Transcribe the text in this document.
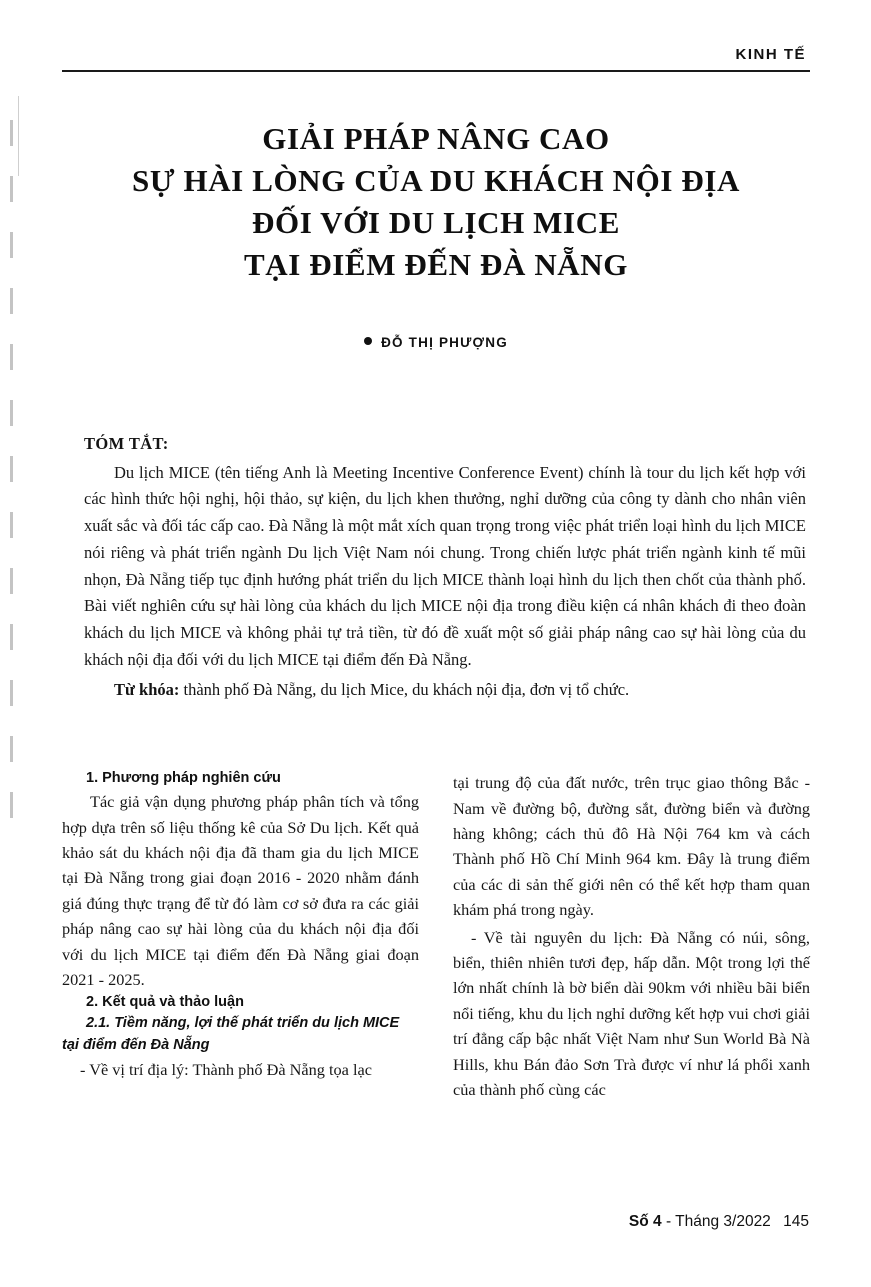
KINH TẾ
GIẢI PHÁP NÂNG CAO
SỰ HÀI LÒNG CỦA DU KHÁCH NỘI ĐỊA
ĐỐI VỚI DU LỊCH MICE
TẠI ĐIỂM ĐẾN ĐÀ NẴNG
ĐỖ THỊ PHƯỢNG
TÓM TẮT:
Du lịch MICE (tên tiếng Anh là Meeting Incentive Conference Event) chính là tour du lịch kết hợp với các hình thức hội nghị, hội thảo, sự kiện, du lịch khen thưởng, nghỉ dưỡng của công ty dành cho nhân viên xuất sắc và đối tác cấp cao. Đà Nẵng là một mắt xích quan trọng trong việc phát triển loại hình du lịch MICE nói riêng và phát triển ngành Du lịch Việt Nam nói chung. Trong chiến lược phát triển ngành kinh tế mũi nhọn, Đà Nẵng tiếp tục định hướng phát triển du lịch MICE thành loại hình du lịch then chốt của thành phố. Bài viết nghiên cứu sự hài lòng của khách du lịch MICE nội địa trong điều kiện cá nhân khách đi theo đoàn khách du lịch MICE và không phải tự trả tiền, từ đó đề xuất một số giải pháp nâng cao sự hài lòng của du khách nội địa đối với du lịch MICE tại điểm đến Đà Nẵng.
Từ khóa: thành phố Đà Nẵng, du lịch Mice, du khách nội địa, đơn vị tổ chức.
1. Phương pháp nghiên cứu

Tác giả vận dụng phương pháp phân tích và tổng hợp dựa trên số liệu thống kê của Sở Du lịch. Kết quả khảo sát du khách nội địa đã tham gia du lịch MICE tại Đà Nẵng trong giai đoạn 2016 - 2020 nhằm đánh giá đúng thực trạng để từ đó làm cơ sở đưa ra các giải pháp nâng cao sự hài lòng của du khách nội địa đối với du lịch MICE tại điểm đến Đà Nẵng giai đoạn 2021 - 2025.

2. Kết quả và thảo luận
2.1. Tiềm năng, lợi thế phát triển du lịch MICE tại điểm đến Đà Nẵng

- Về vị trí địa lý: Thành phố Đà Nẵng tọa lạc

tại trung độ của đất nước, trên trục giao thông Bắc - Nam về đường bộ, đường sắt, đường biển và đường hàng không; cách thủ đô Hà Nội 764 km và cách Thành phố Hồ Chí Minh 964 km. Đây là trung điểm của các di sản thế giới nên có thể kết hợp tham quan khám phá trong ngày.

- Về tài nguyên du lịch: Đà Nẵng có núi, sông, biển, thiên nhiên tươi đẹp, hấp dẫn. Một trong lợi thế lớn nhất chính là bờ biển dài 90km với nhiều bãi biển nổi tiếng, khu du lịch nghỉ dưỡng kết hợp vui chơi giải trí đẳng cấp bậc nhất Việt Nam như Sun World Bà Nà Hills, khu Bán đảo Sơn Trà được ví như lá phổi xanh của thành phố cùng các

Số 4 - Tháng 3/2022 145
